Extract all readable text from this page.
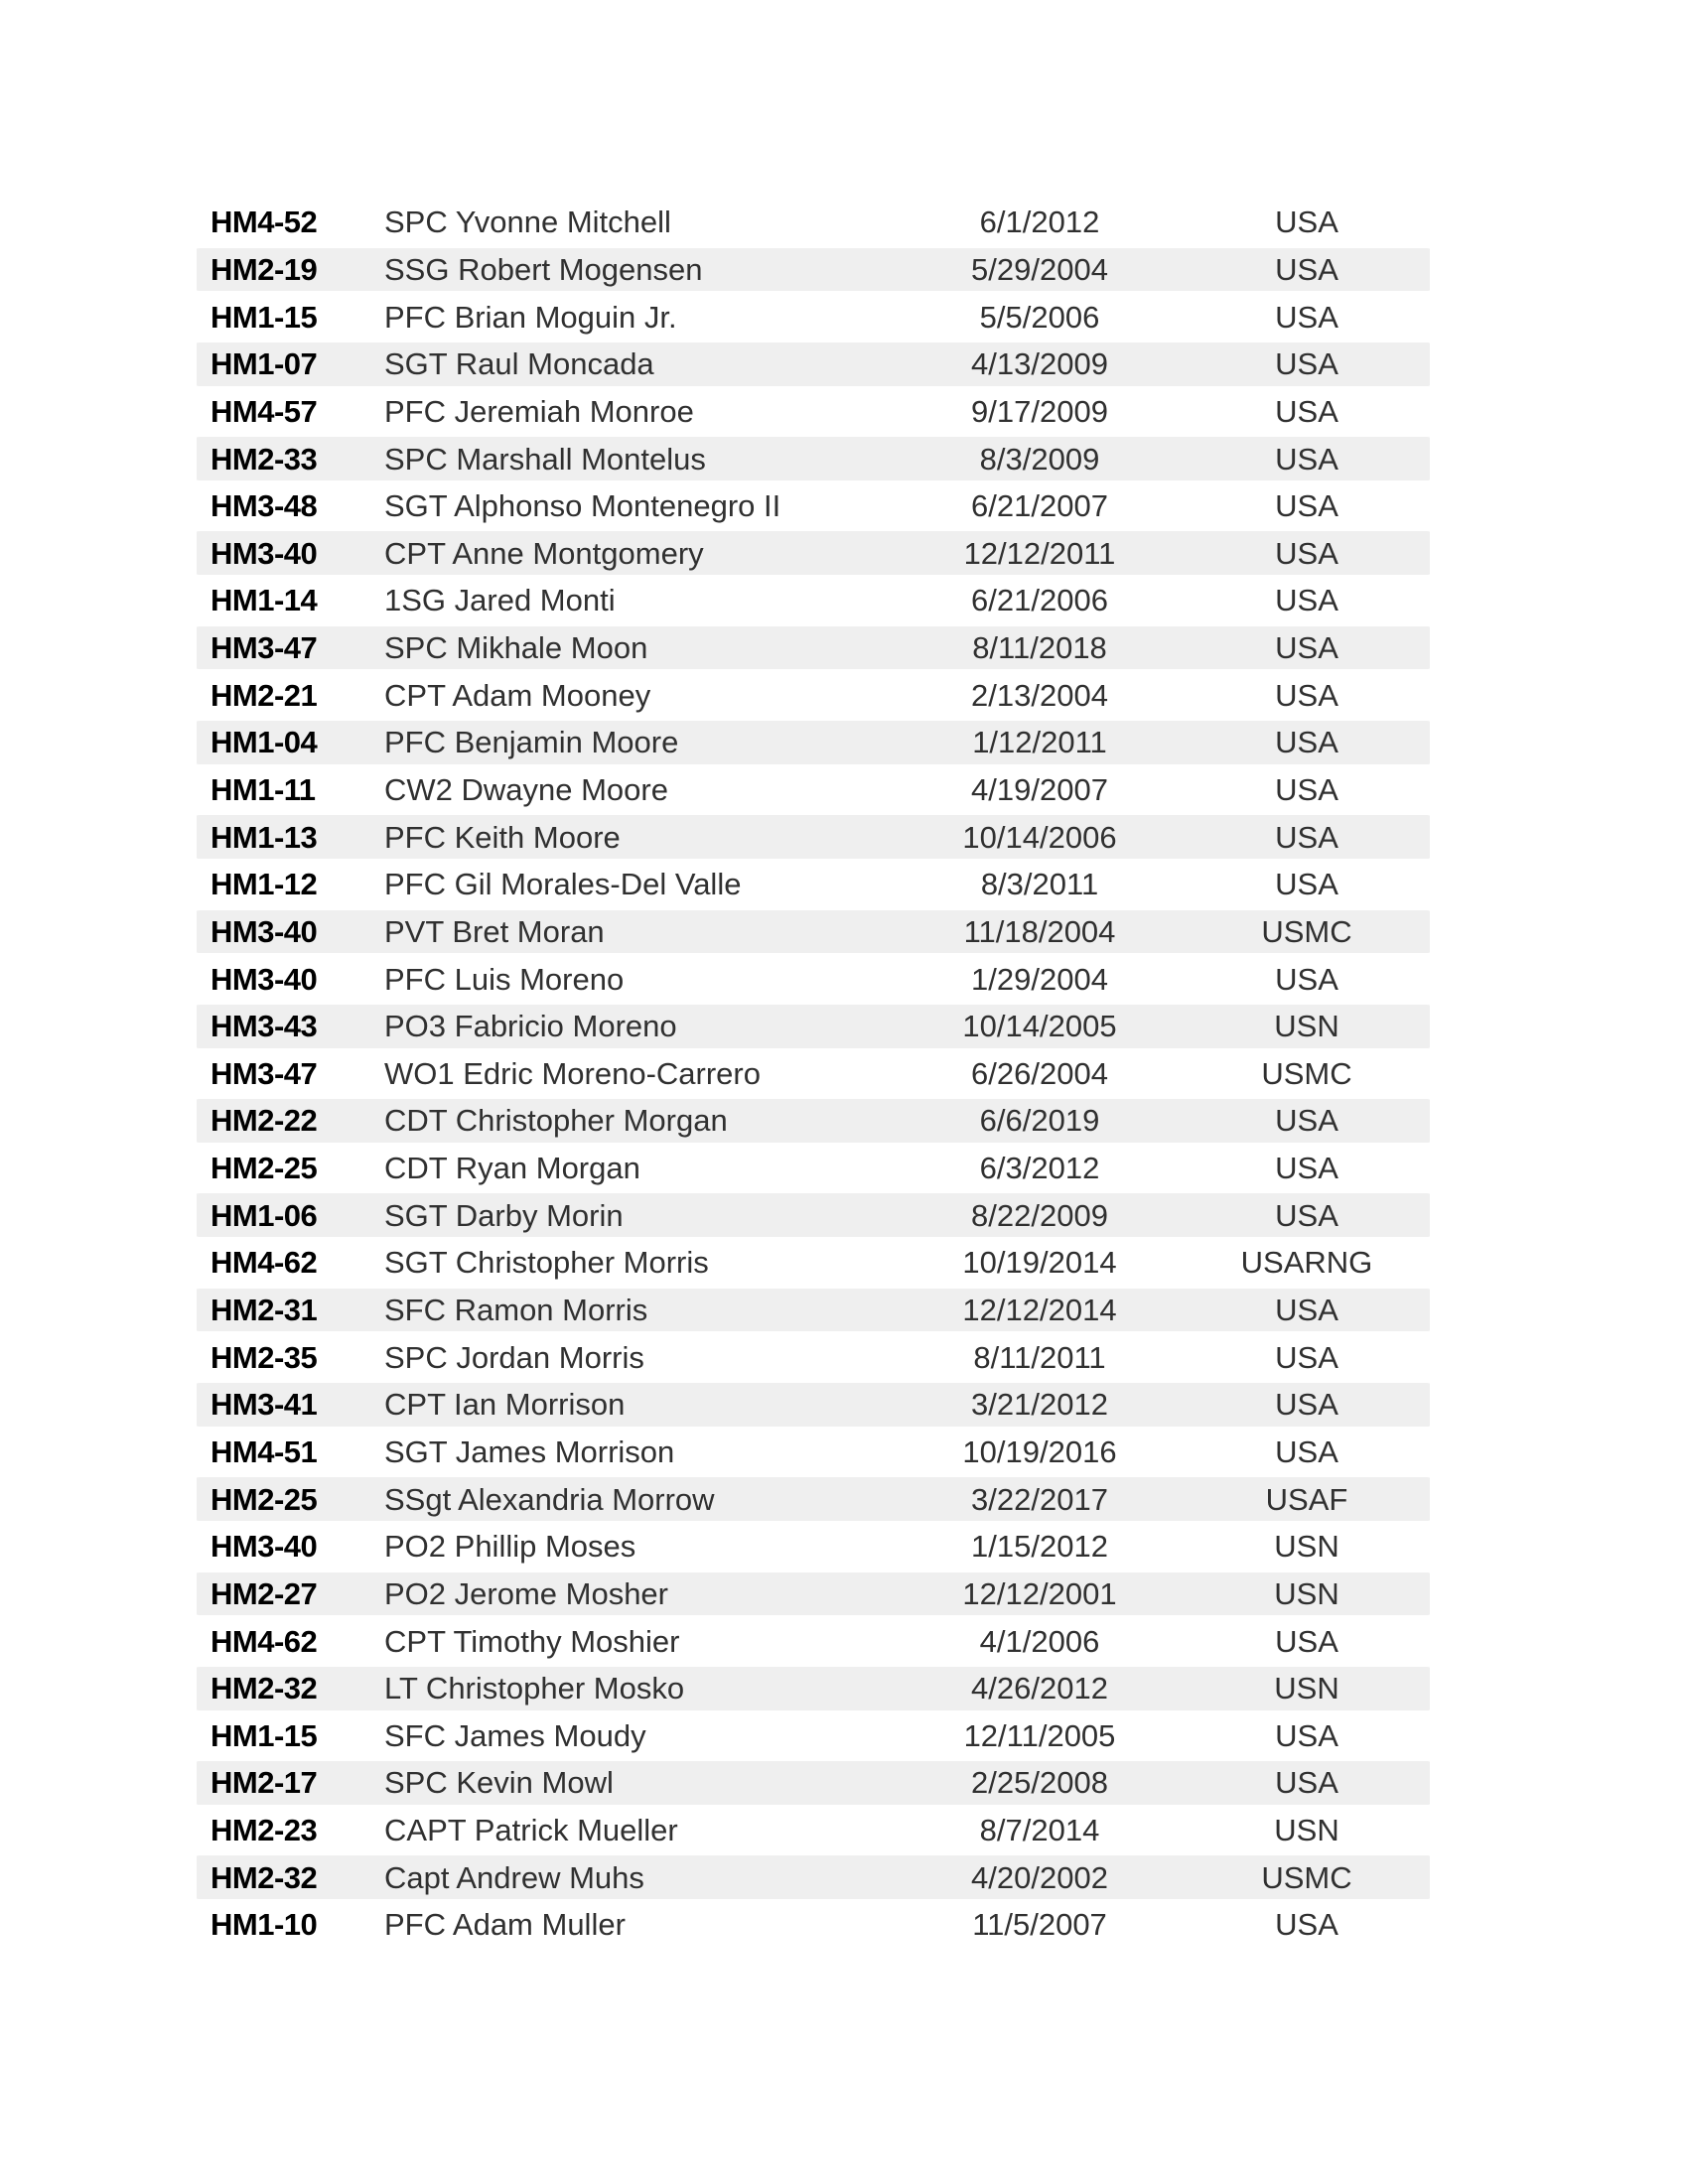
HM4-52	SPC Yvonne Mitchell	6/1/2012	USA
HM2-19	SSG Robert Mogensen	5/29/2004	USA
HM1-15	PFC Brian Moguin Jr.	5/5/2006	USA
HM1-07	SGT Raul Moncada	4/13/2009	USA
HM4-57	PFC Jeremiah Monroe	9/17/2009	USA
HM2-33	SPC Marshall Montelus	8/3/2009	USA
HM3-48	SGT Alphonso Montenegro II	6/21/2007	USA
HM3-40	CPT Anne Montgomery	12/12/2011	USA
HM1-14	1SG Jared Monti	6/21/2006	USA
HM3-47	SPC Mikhale Moon	8/11/2018	USA
HM2-21	CPT Adam Mooney	2/13/2004	USA
HM1-04	PFC Benjamin Moore	1/12/2011	USA
HM1-11	CW2 Dwayne Moore	4/19/2007	USA
HM1-13	PFC Keith Moore	10/14/2006	USA
HM1-12	PFC Gil Morales-Del Valle	8/3/2011	USA
HM3-40	PVT Bret Moran	11/18/2004	USMC
HM3-40	PFC Luis Moreno	1/29/2004	USA
HM3-43	PO3 Fabricio Moreno	10/14/2005	USN
HM3-47	WO1 Edric Moreno-Carrero	6/26/2004	USMC
HM2-22	CDT Christopher Morgan	6/6/2019	USA
HM2-25	CDT Ryan Morgan	6/3/2012	USA
HM1-06	SGT Darby Morin	8/22/2009	USA
HM4-62	SGT Christopher Morris	10/19/2014	USARNG
HM2-31	SFC Ramon Morris	12/12/2014	USA
HM2-35	SPC Jordan Morris	8/11/2011	USA
HM3-41	CPT Ian Morrison	3/21/2012	USA
HM4-51	SGT James Morrison	10/19/2016	USA
HM2-25	SSgt Alexandria Morrow	3/22/2017	USAF
HM3-40	PO2 Phillip Moses	1/15/2012	USN
HM2-27	PO2 Jerome Mosher	12/12/2001	USN
HM4-62	CPT Timothy Moshier	4/1/2006	USA
HM2-32	LT Christopher Mosko	4/26/2012	USN
HM1-15	SFC James Moudy	12/11/2005	USA
HM2-17	SPC Kevin Mowl	2/25/2008	USA
HM2-23	CAPT Patrick Mueller	8/7/2014	USN
HM2-32	Capt Andrew Muhs	4/20/2002	USMC
HM1-10	PFC Adam Muller	11/5/2007	USA
